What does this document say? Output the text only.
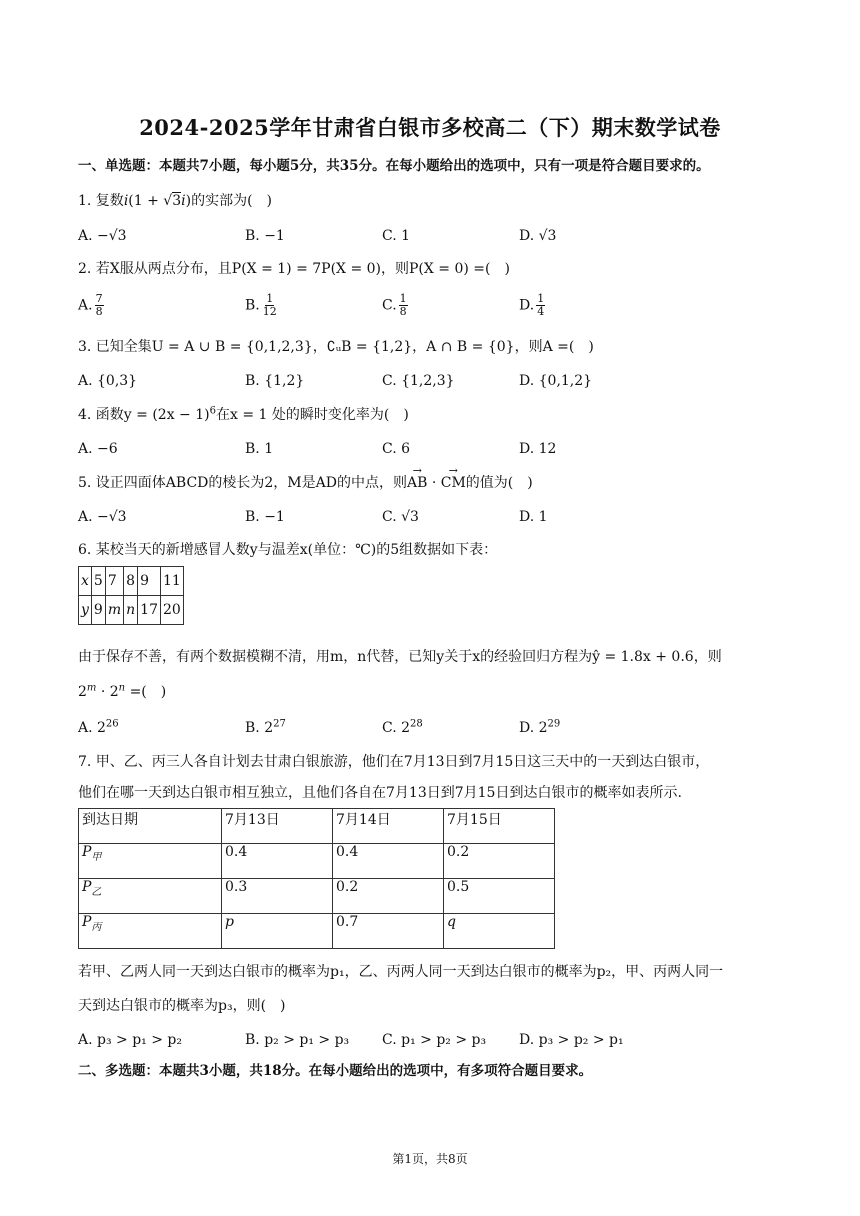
2024-2025学年甘肃省白银市多校高二（下）期末数学试卷
一、单选题：本题共7小题，每小题5分，共35分。在每小题给出的选项中，只有一项是符合题目要求的。
1. 复数i(1 + √3i)的实部为(　)
A. −√3	B. −1	C. 1	D. √3
2. 若X服从两点分布，且P(X = 1) = 7P(X = 0)，则P(X = 0) =(　)
A. $\frac{7}{8}$	B. $\frac{1}{12}$	C. $\frac{1}{8}$	D. $\frac{1}{4}$
3. 已知全集U = A ∪ B = {0,1,2,3}，∁ᵤB = {1,2}，A ∩ B = {0}，则A =(　)
A. {0,3}	B. {1,2}	C. {1,2,3}	D. {0,1,2}
4. 函数$y = (2x - 1)^6$在x = 1 处的瞬时变化率为(　)
A. −6	B. 1	C. 6	D. 12
5. 设正四面体ABCD的棱长为2，M是AD的中点，则→ AB · → CM的值为(　)
A. −√3	B. −1	C. √3	D. 1
6. 某校当天的新增感冒人数y与温差x(单位：℃)的5组数据如下表：
x	5	7	8	9	11
y	9	m	n	17	20
由于保存不善，有两个数据模糊不清，用m，n代替，已知y关于x的经验回归方程为ŷ = 1.8x + 0.6，则
$2^m \cdot 2^n$ =(　)
A. $2^{26}$	B. $2^{27}$	C. $2^{28}$	D. $2^{29}$
7. 甲、乙、丙三人各自计划去甘肃白银旅游，他们在7月13日到7月15日这三天中的一天到达白银市，
他们在哪一天到达白银市相互独立，且他们各自在7月13日到7月15日到达白银市的概率如表所示.
到达日期	7月13日	7月14日	7月15日
$P_甲$	0.4	0.4	0.2
$P_乙$	0.3	0.2	0.5
$P_丙$	p	0.7	q
若甲、乙两人同一天到达白银市的概率为p₁，乙、丙两人同一天到达白银市的概率为p₂，甲、丙两人同一
天到达白银市的概率为p₃，则(　)
A. p₃ > p₁ > p₂	B. p₂ > p₁ > p₃ C. p₁ > p₂ > p₃ D. p₃ > p₂ > p₁
二、多选题：本题共3小题，共18分。在每小题给出的选项中，有多项符合题目要求。
第1页，共8页
